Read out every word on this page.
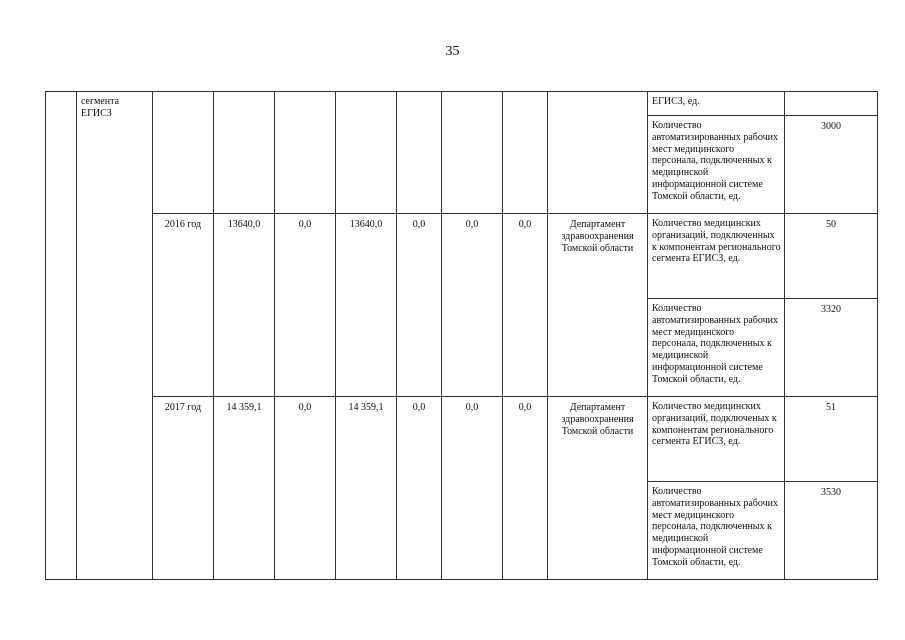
35
	сегмента ЕГИСЗ									ЕГИСЗ, ед.	
										Количество автоматизированных рабочих мест медицинского персонала, подключенных к медицинской информационной системе Томской области, ед.	3000
		2016 год	13640,0	0,0	13640,0	0,0	0,0	0,0	Департамент здравоохранения Томской области	Количество медицинских организаций, подключенных к компонентам регионального сегмента ЕГИСЗ, ед.	50
										Количество автоматизированных рабочих мест медицинского персонала, подключенных к медицинской информационной системе Томской области, ед.	3320
		2017 год	14 359,1	0,0	14 359,1	0,0	0,0	0,0	Департамент здравоохранения Томской области	Количество медицинских организаций, подключеных к компонентам регионального сегмента ЕГИСЗ, ед.	51
										Количество автоматизированных рабочих мест медицинского персонала, подключенных к медицинской информационной системе Томской области, ед.	3530
